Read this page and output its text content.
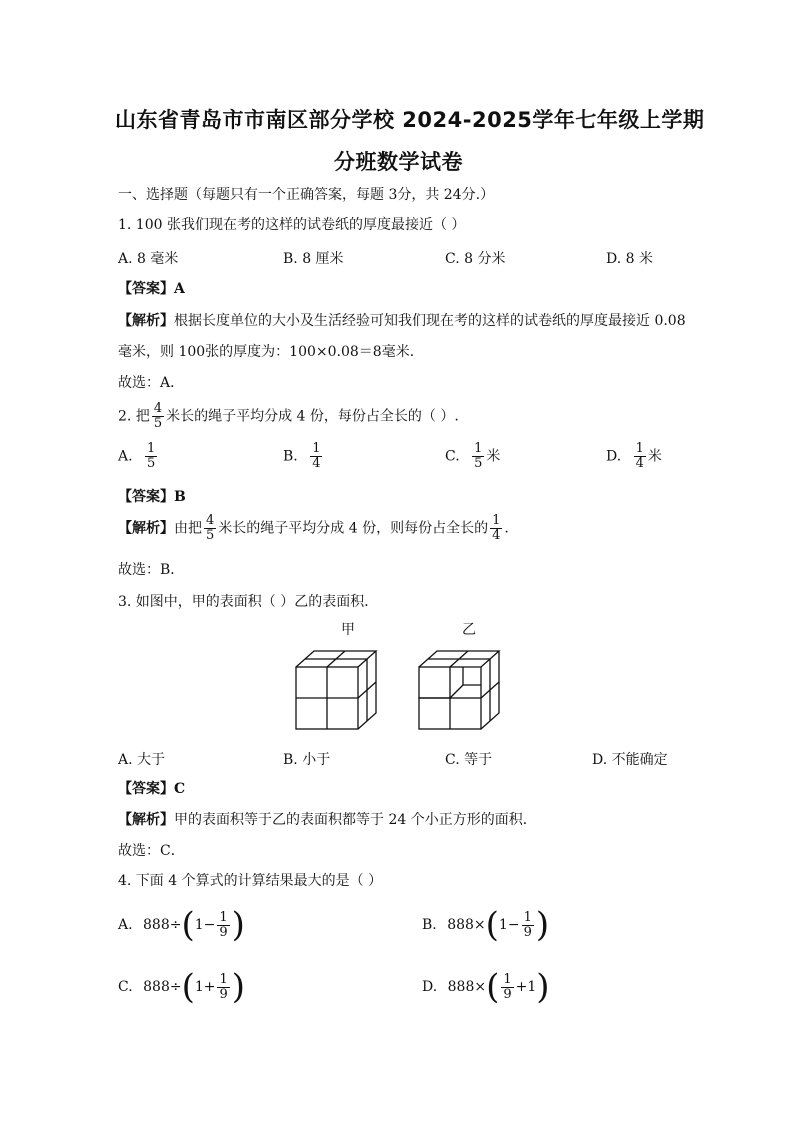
山东省青岛市市南区部分学校 2024-2025学年七年级上学期
分班数学试卷
一、选择题（每题只有一个正确答案，每题 3分，共 24分.）
1. 100 张我们现在考的这样的试卷纸的厚度最接近（ ）
A. 8 毫米	B. 8 厘米	C. 8 分米	D. 8 米
【答案】A
【解析】根据长度单位的大小及生活经验可知我们现在考的这样的试卷纸的厚度最接近 0.08
毫米，则 100张的厚度为：100×0.08＝8毫米．
故选：A．
2. 把 $\frac{4}{5}$ 米长的绳子平均分成 4 份，每份占全长的（ ）.
A. $\frac{1}{5}$	B. $\frac{1}{4}$	C. $\frac{1}{5}$ 米	D. $\frac{1}{4}$ 米
【答案】B
【解析】由把 $\frac{4}{5}$ 米长的绳子平均分成 4 份，则每份占全长的 $\frac{1}{4}$ .
故选：B．
3. 如图中，甲的表面积（ ）乙的表面积．
甲	乙
A. 大于	B. 小于	C. 等于	D. 不能确定
【答案】C
【解析】甲的表面积等于乙的表面积都等于 24 个小正方形的面积．
故选：C．
4. 下面 4 个算式的计算结果最大的是（ ）
A. $888\div(1- \frac{1}{9}$ )	B. $888\times(1- \frac{1}{9}$ )
C. $888\div(1+ \frac{1}{9}$ )	D. $888\times( \frac{1}{9} +1)$
